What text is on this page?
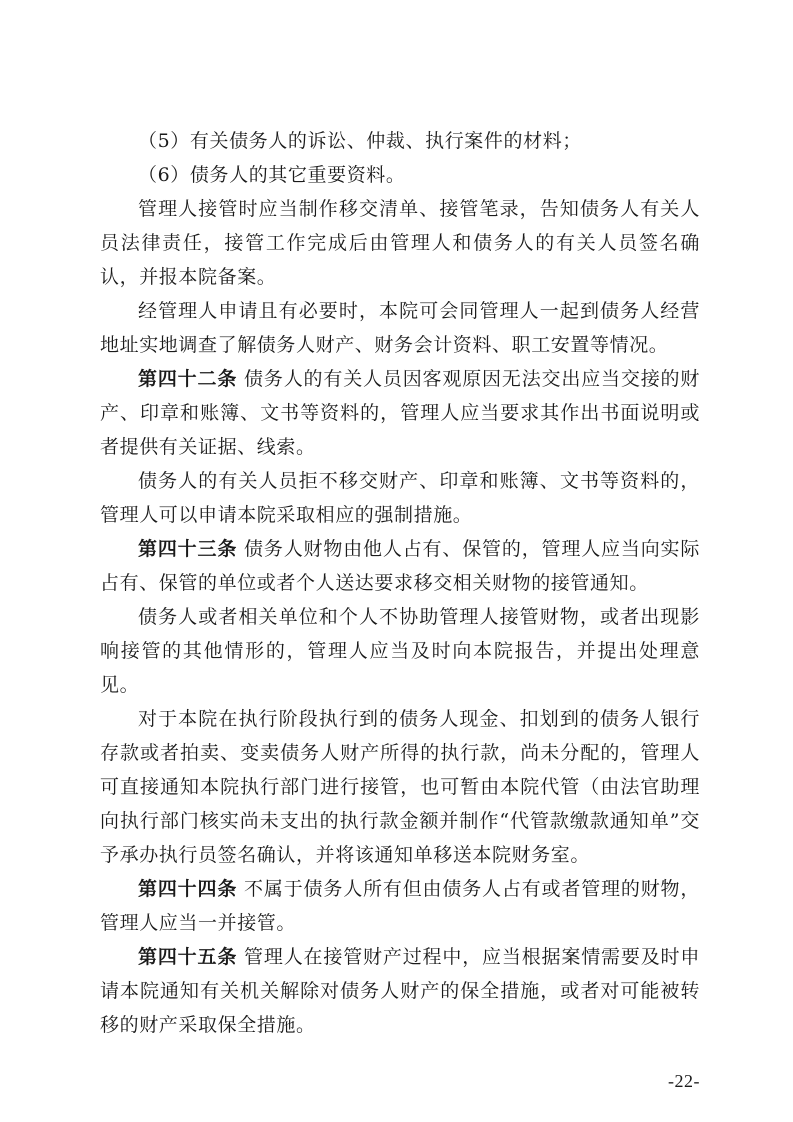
（5）有关债务人的诉讼、仲裁、执行案件的材料；

（6）债务人的其它重要资料。

管理人接管时应当制作移交清单、接管笔录，告知债务人有关人员法律责任，接管工作完成后由管理人和债务人的有关人员签名确认，并报本院备案。

经管理人申请且有必要时，本院可会同管理人一起到债务人经营地址实地调查了解债务人财产、财务会计资料、职工安置等情况。

第四十二条 债务人的有关人员因客观原因无法交出应当交接的财产、印章和账簿、文书等资料的，管理人应当要求其作出书面说明或者提供有关证据、线索。

债务人的有关人员拒不移交财产、印章和账簿、文书等资料的，管理人可以申请本院采取相应的强制措施。

第四十三条 债务人财物由他人占有、保管的，管理人应当向实际占有、保管的单位或者个人送达要求移交相关财物的接管通知。

债务人或者相关单位和个人不协助管理人接管财物，或者出现影响接管的其他情形的，管理人应当及时向本院报告，并提出处理意见。

对于本院在执行阶段执行到的债务人现金、扣划到的债务人银行存款或者拍卖、变卖债务人财产所得的执行款，尚未分配的，管理人可直接通知本院执行部门进行接管，也可暂由本院代管（由法官助理向执行部门核实尚未支出的执行款金额并制作“代管款缴款通知单”交予承办执行员签名确认，并将该通知单移送本院财务室。

第四十四条 不属于债务人所有但由债务人占有或者管理的财物，管理人应当一并接管。

第四十五条 管理人在接管财产过程中，应当根据案情需要及时申请本院通知有关机关解除对债务人财产的保全措施，或者对可能被转移的财产采取保全措施。

-22-
